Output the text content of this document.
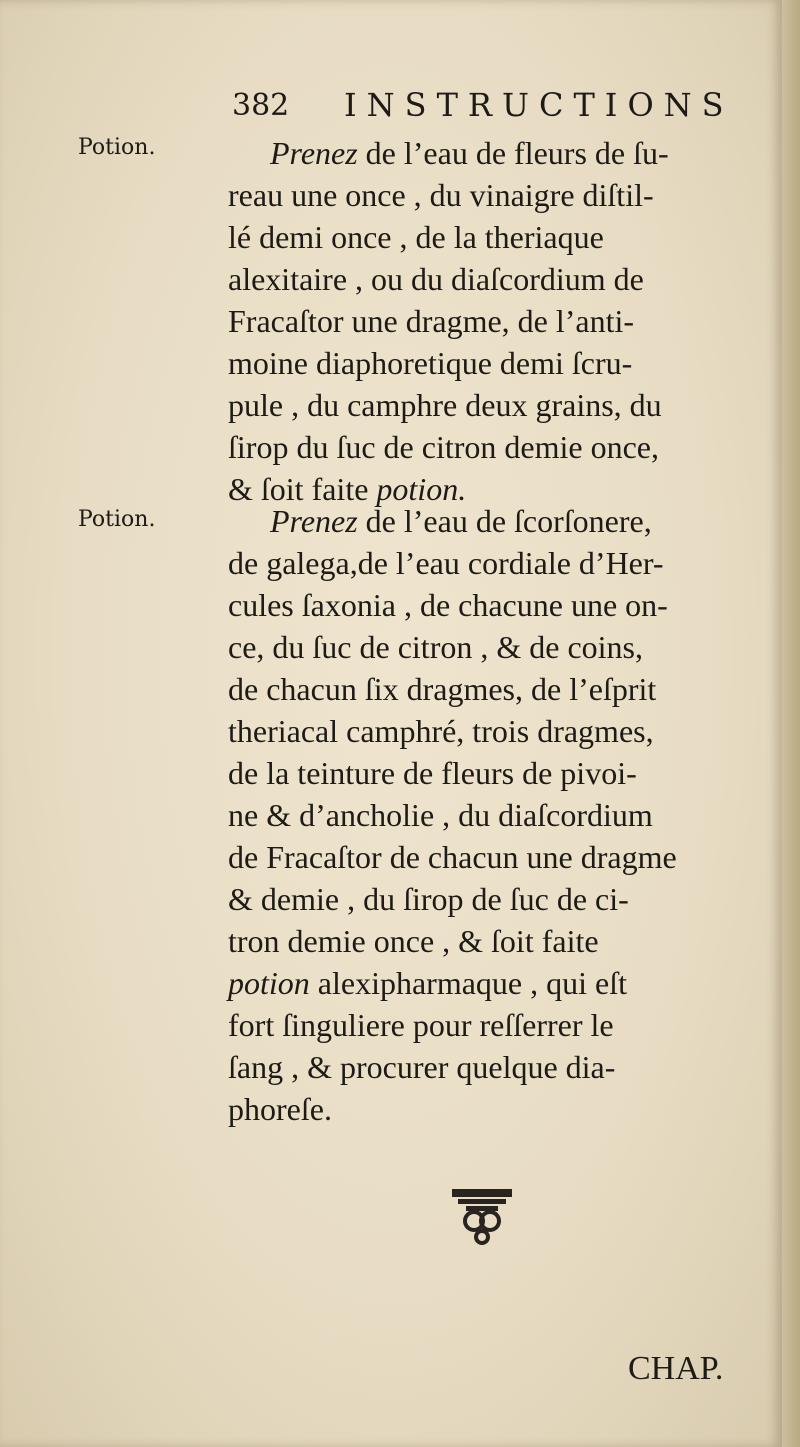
382 INSTRUCTIONS
Potion.
Potion.
Prenez de l’eau de fleurs de ſu-
reau une once , du vinaigre diſtil-
lé demi once , de la theriaque
alexitaire , ou du diaſcordium de
Fracaſtor une dragme, de l’anti-
moine diaphoretique demi ſcru-
pule , du camphre deux grains, du
ſirop du ſuc de citron demie once,
& ſoit faite potion.
Prenez de l’eau de ſcorſonere,
de galega,de l’eau cordiale d’Her-
cules ſaxonia , de chacune une on-
ce, du ſuc de citron , & de coins,
de chacun ſix dragmes, de l’eſprit
theriacal camphré, trois dragmes,
de la teinture de fleurs de pivoi-
ne & d’ancholie , du diaſcordium
de Fracaſtor de chacun une dragme
& demie , du ſirop de ſuc de ci-
tron demie once , & ſoit faite
potion alexipharmaque , qui eſt
fort ſinguliere pour reſſerrer le
ſang , & procurer quelque dia-
phoreſe.
CHAP.
